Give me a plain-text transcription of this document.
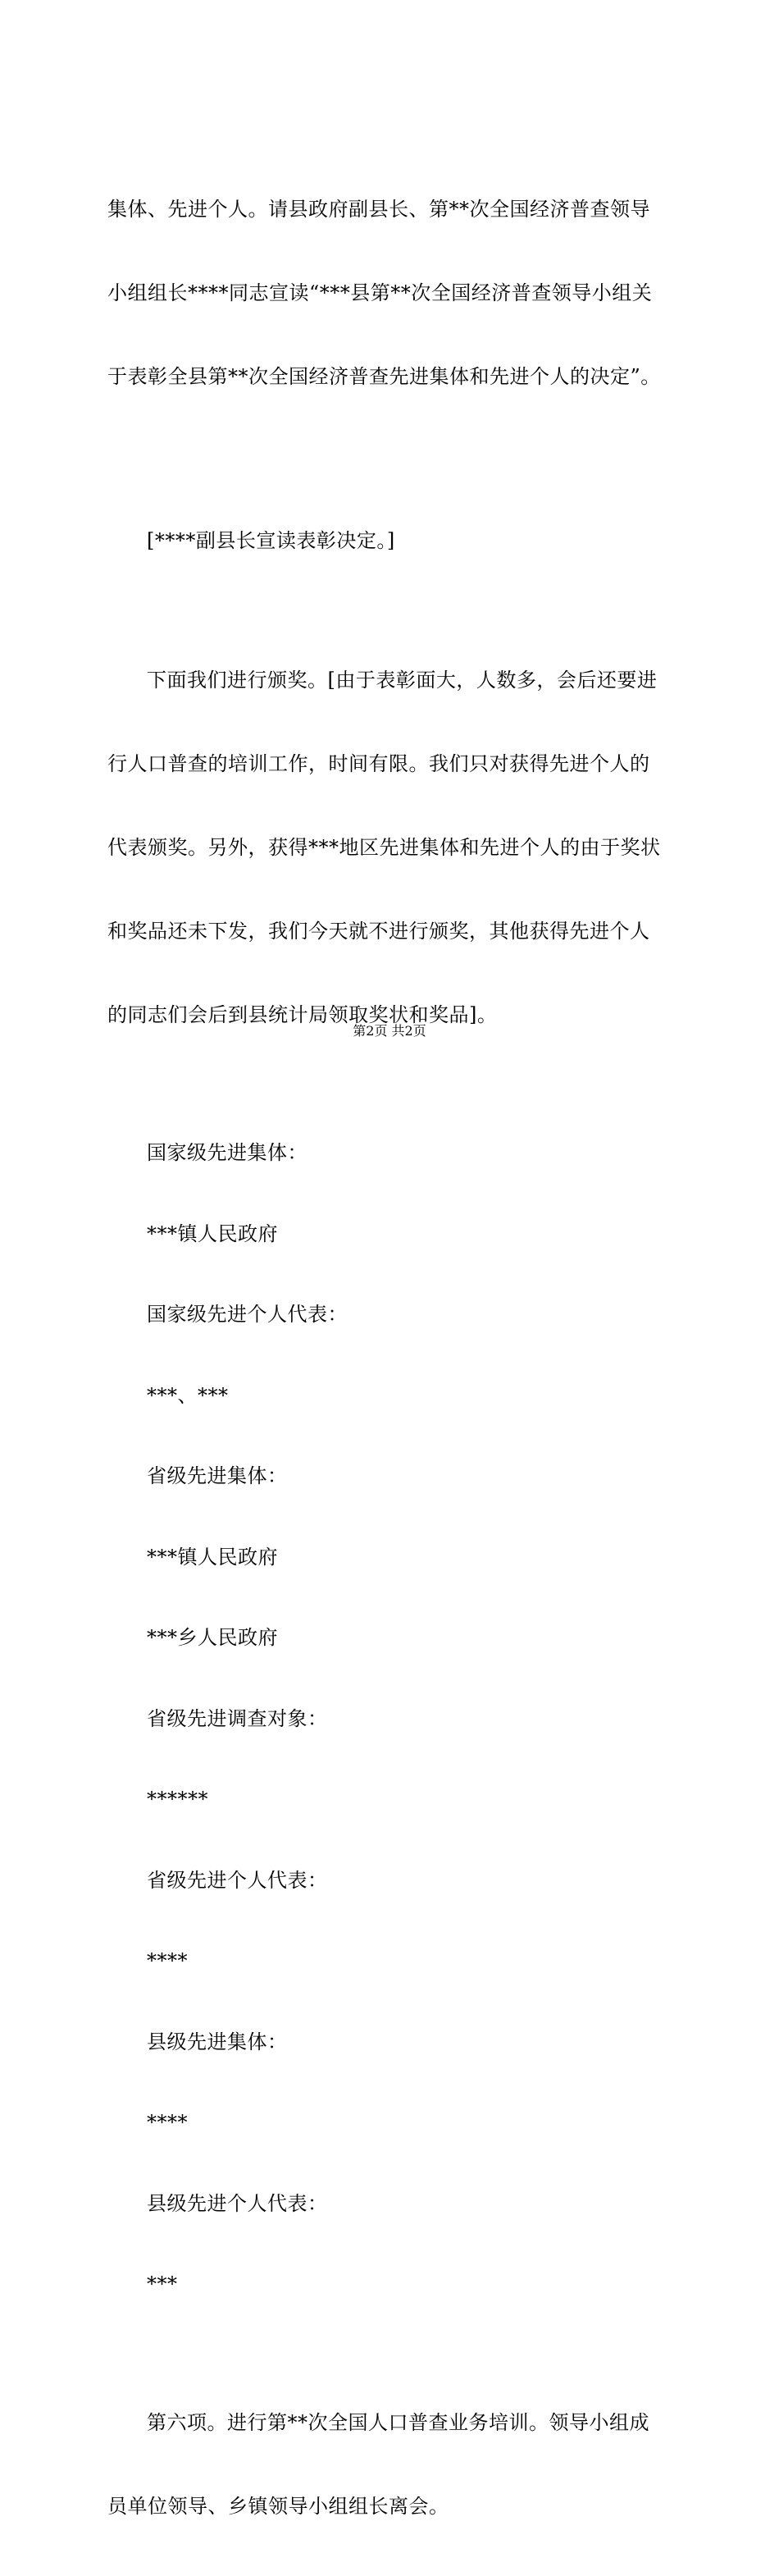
集体、先进个人。请县政府副县长、第**次全国经济普查领导

小组组长****同志宣读“***县第**次全国经济普查领导小组关

于表彰全县第**次全国经济普查先进集体和先进个人的决定”。

[****副县长宣读表彰决定。]

下面我们进行颁奖。[由于表彰面大，人数多，会后还要进

行人口普查的培训工作，时间有限。我们只对获得先进个人的

代表颁奖。另外，获得***地区先进集体和先进个人的由于奖状

和奖品还未下发，我们今天就不进行颁奖，其他获得先进个人

的同志们会后到县统计局领取奖状和奖品]。

国家级先进集体：

***镇人民政府

国家级先进个人代表：

***、***

省级先进集体：

***镇人民政府

***乡人民政府

省级先进调查对象：

******

省级先进个人代表：

****

县级先进集体：

****

县级先进个人代表：

***

第六项。进行第**次全国人口普查业务培训。领导小组成

员单位领导、乡镇领导小组组长离会。

第2页 共2页
